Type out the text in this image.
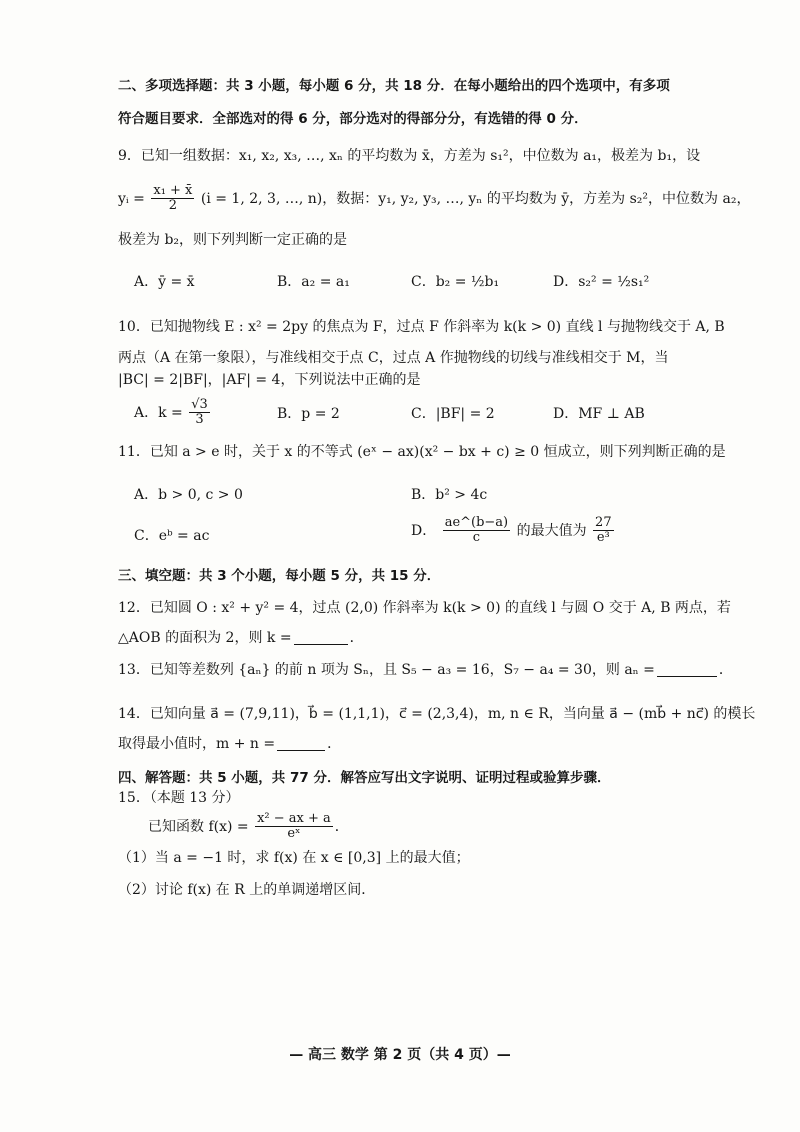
二、多项选择题：共 3 小题，每小题 6 分，共 18 分．在每小题给出的四个选项中，有多项
符合题目要求．全部选对的得 6 分，部分选对的得部分分，有选错的得 0 分．
9．已知一组数据：x₁, x₂, x₃, …, xₙ 的平均数为 x̄，方差为 s₁²，中位数为 a₁，极差为 b₁，设
yᵢ = $\frac{\text{x₁ + x̄}}{2} (i = 1$, 2, 3, …, n)，数据：y₁, y₂, y₃, …, yₙ 的平均数为 ȳ，方差为 s₂²，中位数为 a₂，
极差为 b₂，则下列判断一定正确的是
A．ȳ = x̄	B．a₂ = a₁	C．b₂ = ½b₁	D．s₂² = ½s₁²
10．已知抛物线 E : x² = 2py 的焦点为 F，过点 F 作斜率为 k(k > 0) 直线 l 与抛物线交于 A, B
两点（A 在第一象限），与准线相交于点 C，过点 A 作抛物线的切线与准线相交于 M，当
|BC| = 2|BF|，|AF| = 4，下列说法中正确的是
A．$k = \frac{√3}{3}$	B．p = 2	C．|BF| = 2	D．MF ⊥ AB
11．已知 a > e 时，关于 x 的不等式 (eˣ − ax)(x² − bx + c) ≥ 0 恒成立，则下列判断正确的是
A．b > 0, c > 0	B．b² > 4c
C．eᵇ = ac	D． $\frac{ae\^{}(b-a)}{c}$ 的最大值为 $\frac{27}{\text{e³}}$
三、填空题：共 3 个小题，每小题 5 分，共 15 分．
12．已知圆 O : x² + y² = 4，过点 (2,0) 作斜率为 k(k > 0) 的直线 l 与圆 O 交于 A, B 两点，若
△AOB 的面积为 2，则 k =	．
13．已知等差数列 {aₙ} 的前 n 项为 Sₙ，且 S₅ − a₃ = 16，S₇ − a₄ = 30，则 aₙ =	．
14．已知向量 a⃗ = (7,9,11)，b⃗ = (1,1,1)，c⃗ = (2,3,4)，m, n ∈ R，当向量 a⃗ − (mb⃗ + nc⃗) 的模长
取得最小值时，m + n =	．
四、解答题：共 5 小题，共 77 分．解答应写出文字说明、证明过程或验算步骤．
15．（本题 13 分）
已知函数 $f(x) = \frac{\text{x² − ax + a}}{\text{eˣ}}$ ．
（1）当 a = −1 时，求 f(x) 在 x ∈ [0,3] 上的最大值；
（2）讨论 f(x) 在 R 上的单调递增区间．
— 高三 数学 第 2 页（共 4 页）—
